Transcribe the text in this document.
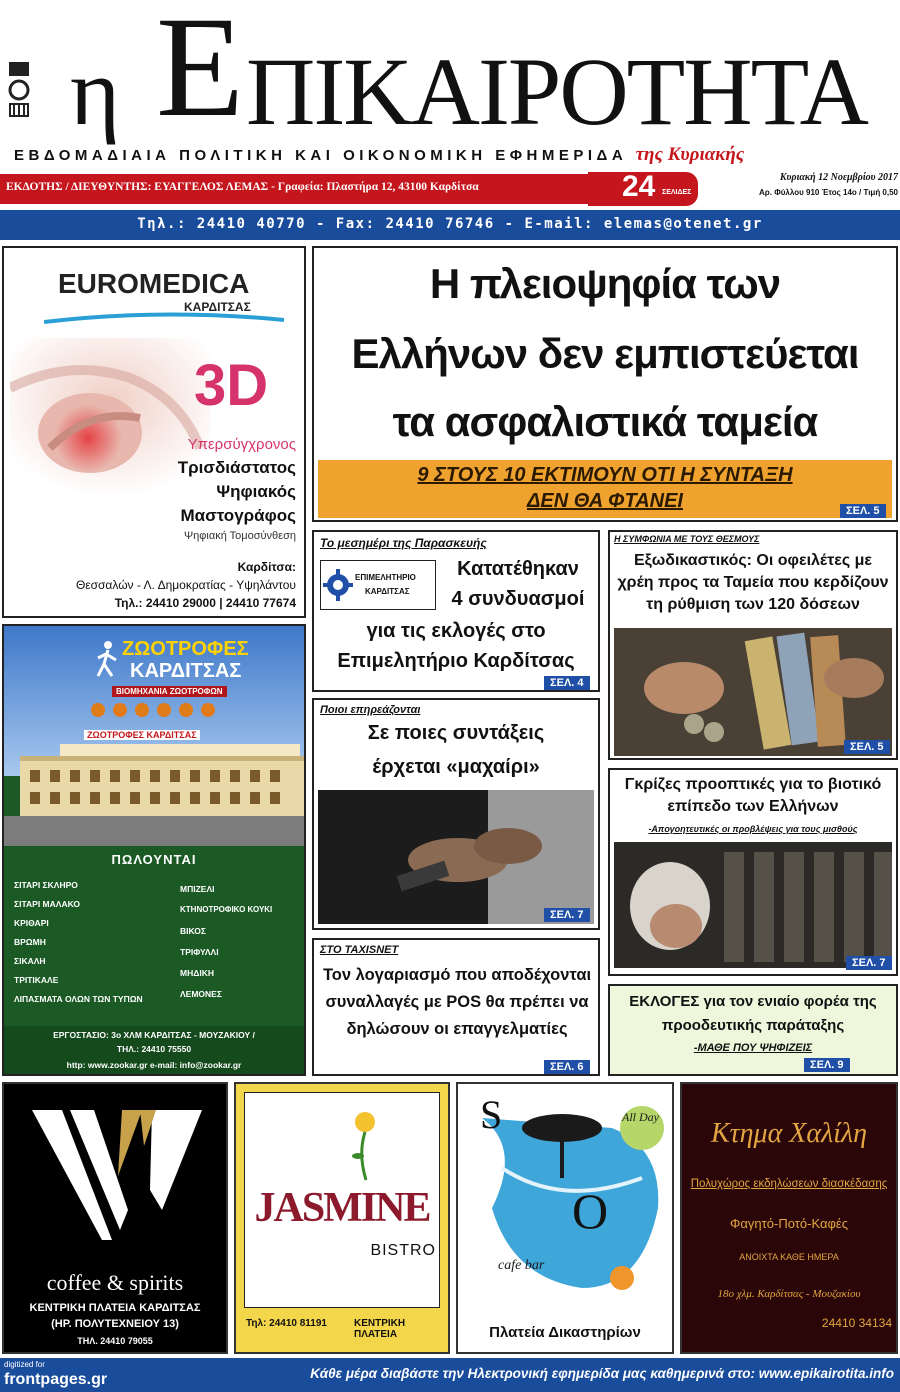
η Ε ΠΙΚΑΙΡΟΤΗΤΑ
ΕΒΔΟΜΑΔΙΑΙΑ ΠΟΛΙΤΙΚΗ ΚΑΙ ΟΙΚΟΝΟΜΙΚΗ ΕΦΗΜΕΡΙΔΑ της Κυριακής
ΕΚΔΟΤΗΣ / ΔΙΕΥΘΥΝΤΗΣ: ΕΥΑΓΓΕΛΟΣ ΛΕΜΑΣ - Γραφεία: Πλαστήρα 12, 43100 Καρδίτσα	24 ΣΕΛΙΔΕΣ
Κυριακή 12 Νοεμβρίου 2017
Αρ. Φύλλου 910 Έτος 14ο / Τιμή 0,50
Τηλ.: 24410 40770 - Fax: 24410 76746 - E-mail: elemas@otenet.gr
EUROMEDICA
ΚΑΡΔΙΤΣΑΣ
3D
Υπερσύγχρονος
Τρισδιάστατος
Ψηφιακός
Μαστογράφος
Ψηφιακή Τομοσύνθεση
Καρδίτσα:
Θεσσαλών - Λ. Δημοκρατίας - Υψηλάντου
Τηλ.: 24410 29000 | 24410 77674
ΖΩΟΤΡΟΦΕΣ
ΚΑΡΔΙΤΣΑΣ
ΒΙΟΜΗΧΑΝΙΑ ΖΩΟΤΡΟΦΩΝ
ΖΩΟΤΡΟΦΕΣ ΚΑΡΔΙΤΣΑΣ
ΠΩΛΟΥΝΤΑΙ
ΣΙΤΑΡΙ ΣΚΛΗΡΟ
ΣΙΤΑΡΙ ΜΑΛΑΚΟ
ΚΡΙΘΑΡΙ
ΒΡΩΜΗ
ΣΙΚΑΛΗ
ΤΡΙΤΙΚΑΛΕ
ΛΙΠΑΣΜΑΤΑ ΟΛΩΝ ΤΩΝ ΤΥΠΩΝ
ΜΠΙΖΕΛΙ
ΚΤΗΝΟΤΡΟΦΙΚΟ ΚΟΥΚΙ
ΒΙΚΟΣ
ΤΡΙΦΥΛΛΙ
ΜΗΔΙΚΗ
ΛΕΜΟΝΕΣ
ΕΡΓΟΣΤΑΣΙΟ: 3ο ΧΛΜ ΚΑΡΔΙΤΣΑΣ - ΜΟΥΖΑΚΙΟΥ /
ΤΗΛ.: 24410 75550
http: www.zookar.gr e-mail: info@zookar.gr
Η πλειοψηφία των
Ελλήνων δεν εμπιστεύεται
τα ασφαλιστικά ταμεία
9 ΣΤΟΥΣ 10 ΕΚΤΙΜΟΥΝ ΟΤΙ Η ΣΥΝΤΑΞΗ
ΔΕΝ ΘΑ ΦΤΑΝΕΙ	ΣΕΛ. 5
Το μεσημέρι της Παρασκευής
ΕΠΙΜΕΛΗΤΗΡΙΟ
ΚΑΡΔΙΤΣΑΣ
Κατατέθηκαν
4 συνδυασμοί
για τις εκλογές στο
Επιμελητήριο Καρδίτσας
ΣΕΛ. 4
Η ΣΥΜΦΩΝΙΑ ΜΕ ΤΟΥΣ ΘΕΣΜΟΥΣ
Εξωδικαστικός: Οι οφειλέτες με χρέη προς τα Ταμεία που κερδίζουν τη ρύθμιση των 120 δόσεων
ΣΕΛ. 5
Ποιοι επηρεάζονται
Σε ποιες συντάξεις
έρχεται «μαχαίρι»
ΣΕΛ. 7
Γκρίζες προοπτικές για το βιοτικό επίπεδο των Ελλήνων
-Απογοητευτικές οι προβλέψεις για τους μισθούς
ΣΕΛ. 7
ΣΤΟ TAXISNET
Τον λογαριασμό που αποδέχονται συναλλαγές με POS θα πρέπει να δηλώσουν οι επαγγελματίες
ΣΕΛ. 6
ΕΚΛΟΓΕΣ για τον ενιαίο φορέα της προοδευτικής παράταξης
-ΜΑΘΕ ΠΟΥ ΨΗΦΙΖΕΙΣ
ΣΕΛ. 9
coffee & spirits
ΚΕΝΤΡΙΚΗ ΠΛΑΤΕΙΑ ΚΑΡΔΙΤΣΑΣ
(ΗΡ. ΠΟΛΥΤΕΧΝΕΙΟΥ 13)
ΤΗΛ. 24410 79055
JASMINE
BISTRO
Τηλ: 24410 81191	ΚΕΝΤΡΙΚΗ ΠΛΑΤΕΙΑ
S
O
All Day
cafe bar
Πλατεία Δικαστηρίων
Κτημα Χαλίλη
Πολυχώρος εκδηλώσεων διασκέδασης
Φαγητό-Ποτό-Καφές
ΑΝΟΙΧΤΑ ΚΑΘΕ ΗΜΕΡΑ
18ο χλμ. Καρδίτσας - Μουζακίου
24410 34134
digitized for
frontpages.gr	Κάθε μέρα διαβάστε την Ηλεκτρονική εφημερίδα μας καθημερινά στο: www.epikairotita.info
